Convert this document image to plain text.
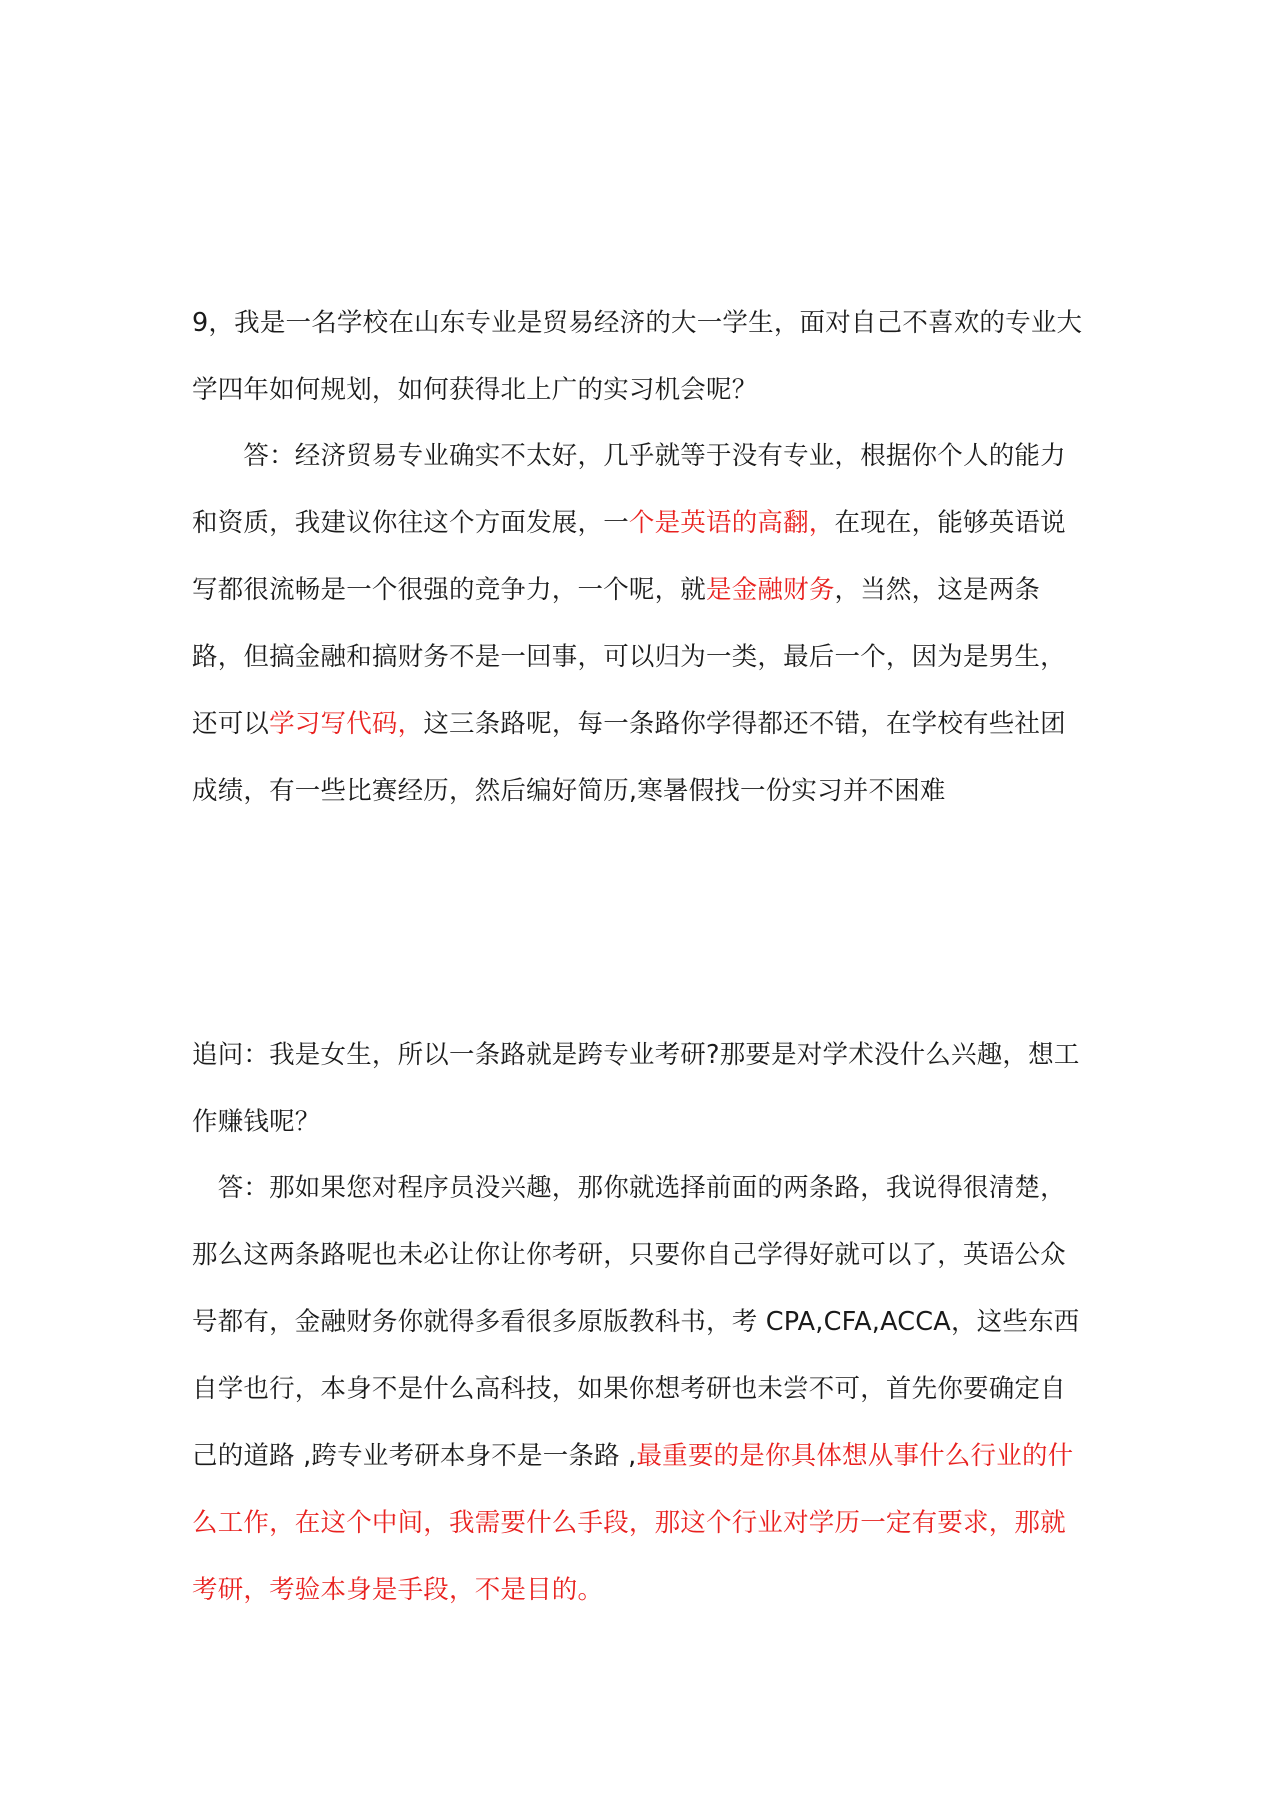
9，我是一名学校在山东专业是贸易经济的大一学生，面对自己不喜欢的专业大学四年如何规划，如何获得北上广的实习机会呢？

　　答：经济贸易专业确实不太好，几乎就等于没有专业，根据你个人的能力和资质，我建议你往这个方面发展，一个是英语的高翻，在现在，能够英语说写都很流畅是一个很强的竞争力，一个呢，就是金融财务，当然，这是两条路，但搞金融和搞财务不是一回事，可以归为一类，最后一个，因为是男生，还可以学习写代码，这三条路呢，每一条路你学得都还不错，在学校有些社团成绩，有一些比赛经历，然后编好简历,寒暑假找一份实习并不困难

追问：我是女生，所以一条路就是跨专业考研?那要是对学术没什么兴趣，想工作赚钱呢？

　答：那如果您对程序员没兴趣，那你就选择前面的两条路，我说得很清楚，那么这两条路呢也未必让你让你考研，只要你自己学得好就可以了，英语公众号都有，金融财务你就得多看很多原版教科书，考 CPA,CFA,ACCA，这些东西自学也行，本身不是什么高科技，如果你想考研也未尝不可，首先你要确定自己的道路 ,跨专业考研本身不是一条路 ,最重要的是你具体想从事什么行业的什么工作，在这个中间，我需要什么手段，那这个行业对学历一定有要求，那就考研，考验本身是手段，不是目的。
